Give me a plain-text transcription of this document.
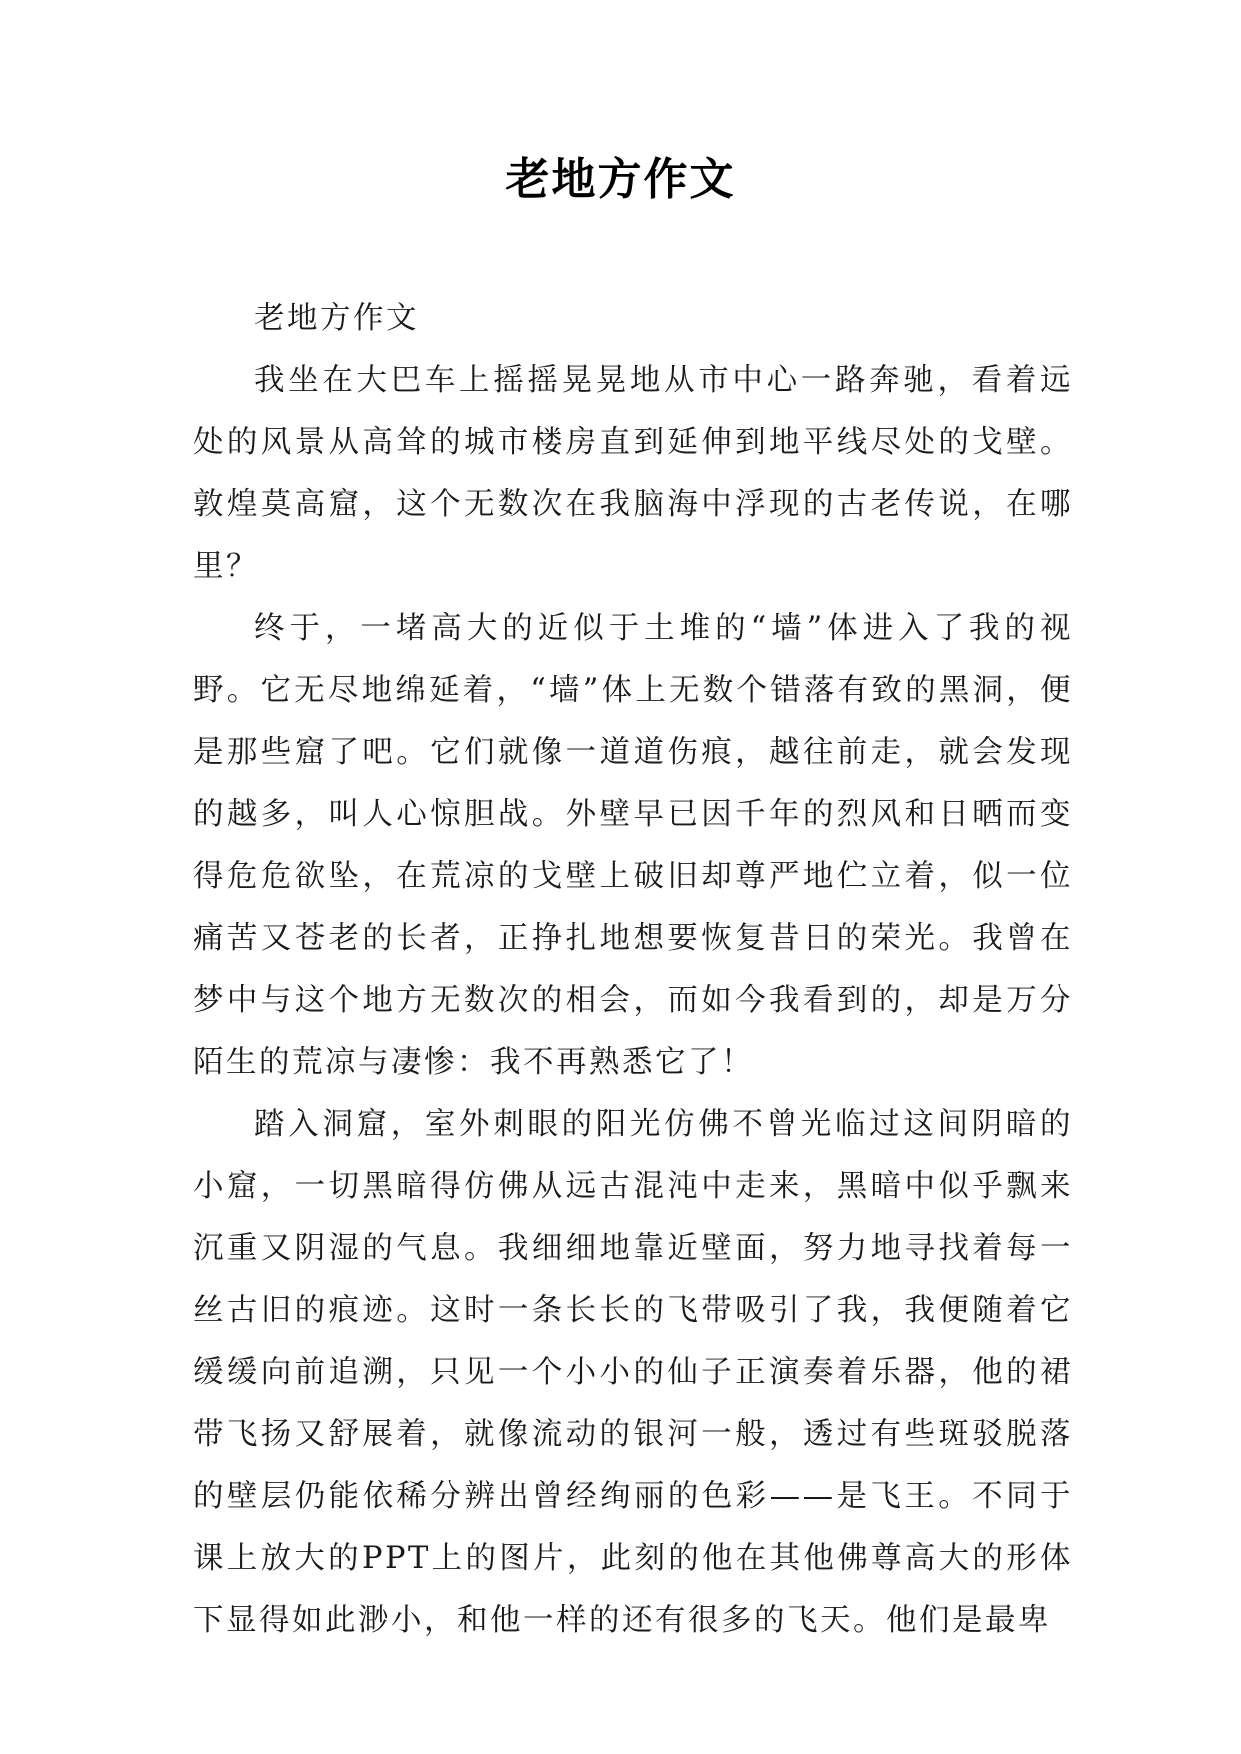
老地方作文

老地方作文

我坐在大巴车上摇摇晃晃地从市中心一路奔驰，看着远处的风景从高耸的城市楼房直到延伸到地平线尽处的戈壁。敦煌莫高窟，这个无数次在我脑海中浮现的古老传说，在哪里？

终于，一堵高大的近似于土堆的“墙”体进入了我的视野。它无尽地绵延着，“墙”体上无数个错落有致的黑洞，便是那些窟了吧。它们就像一道道伤痕，越往前走，就会发现的越多，叫人心惊胆战。外壁早已因千年的烈风和日晒而变得危危欲坠，在荒凉的戈壁上破旧却尊严地伫立着，似一位痛苦又苍老的长者，正挣扎地想要恢复昔日的荣光。我曾在梦中与这个地方无数次的相会，而如今我看到的，却是万分陌生的荒凉与凄惨：我不再熟悉它了！

踏入洞窟，室外刺眼的阳光仿佛不曾光临过这间阴暗的小窟，一切黑暗得仿佛从远古混沌中走来，黑暗中似乎飘来沉重又阴湿的气息。我细细地靠近壁面，努力地寻找着每一丝古旧的痕迹。这时一条长长的飞带吸引了我，我便随着它缓缓向前追溯，只见一个小小的仙子正演奏着乐器，他的裙带飞扬又舒展着，就像流动的银河一般，透过有些斑驳脱落的壁层仍能依稀分辨出曾经绚丽的色彩——是飞王。不同于课上放大的PPT上的图片，此刻的他在其他佛尊高大的形体下显得如此渺小，和他一样的还有很多的飞天。他们是最卑
